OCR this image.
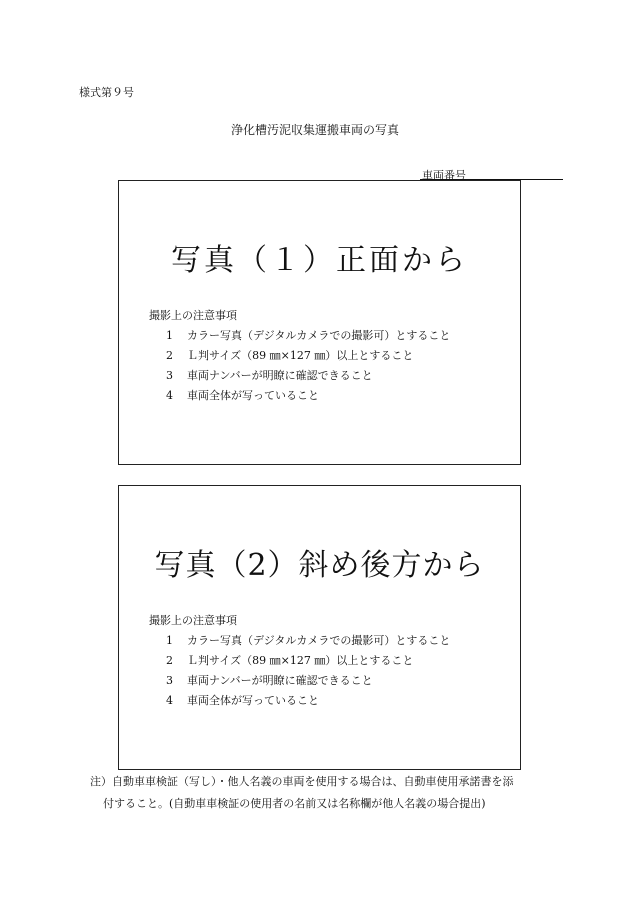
様式第９号
浄化槽汚泥収集運搬車両の写真
車両番号
写真（１）正面から
撮影上の注意事項
1	カラー写真（デジタルカメラでの撮影可）とすること
2	Ｌ判サイズ（89 ㎜×127 ㎜）以上とすること
3	車両ナンバーが明瞭に確認できること
4	車両全体が写っていること
写真（2）斜め後方から
撮影上の注意事項
1	カラー写真（デジタルカメラでの撮影可）とすること
2	Ｌ判サイズ（89 ㎜×127 ㎜）以上とすること
3	車両ナンバーが明瞭に確認できること
4	車両全体が写っていること
注）自動車車検証（写し）・他人名義の車両を使用する場合は、自動車使用承諾書を添
付すること。(自動車車検証の使用者の名前又は名称欄が他人名義の場合提出)
